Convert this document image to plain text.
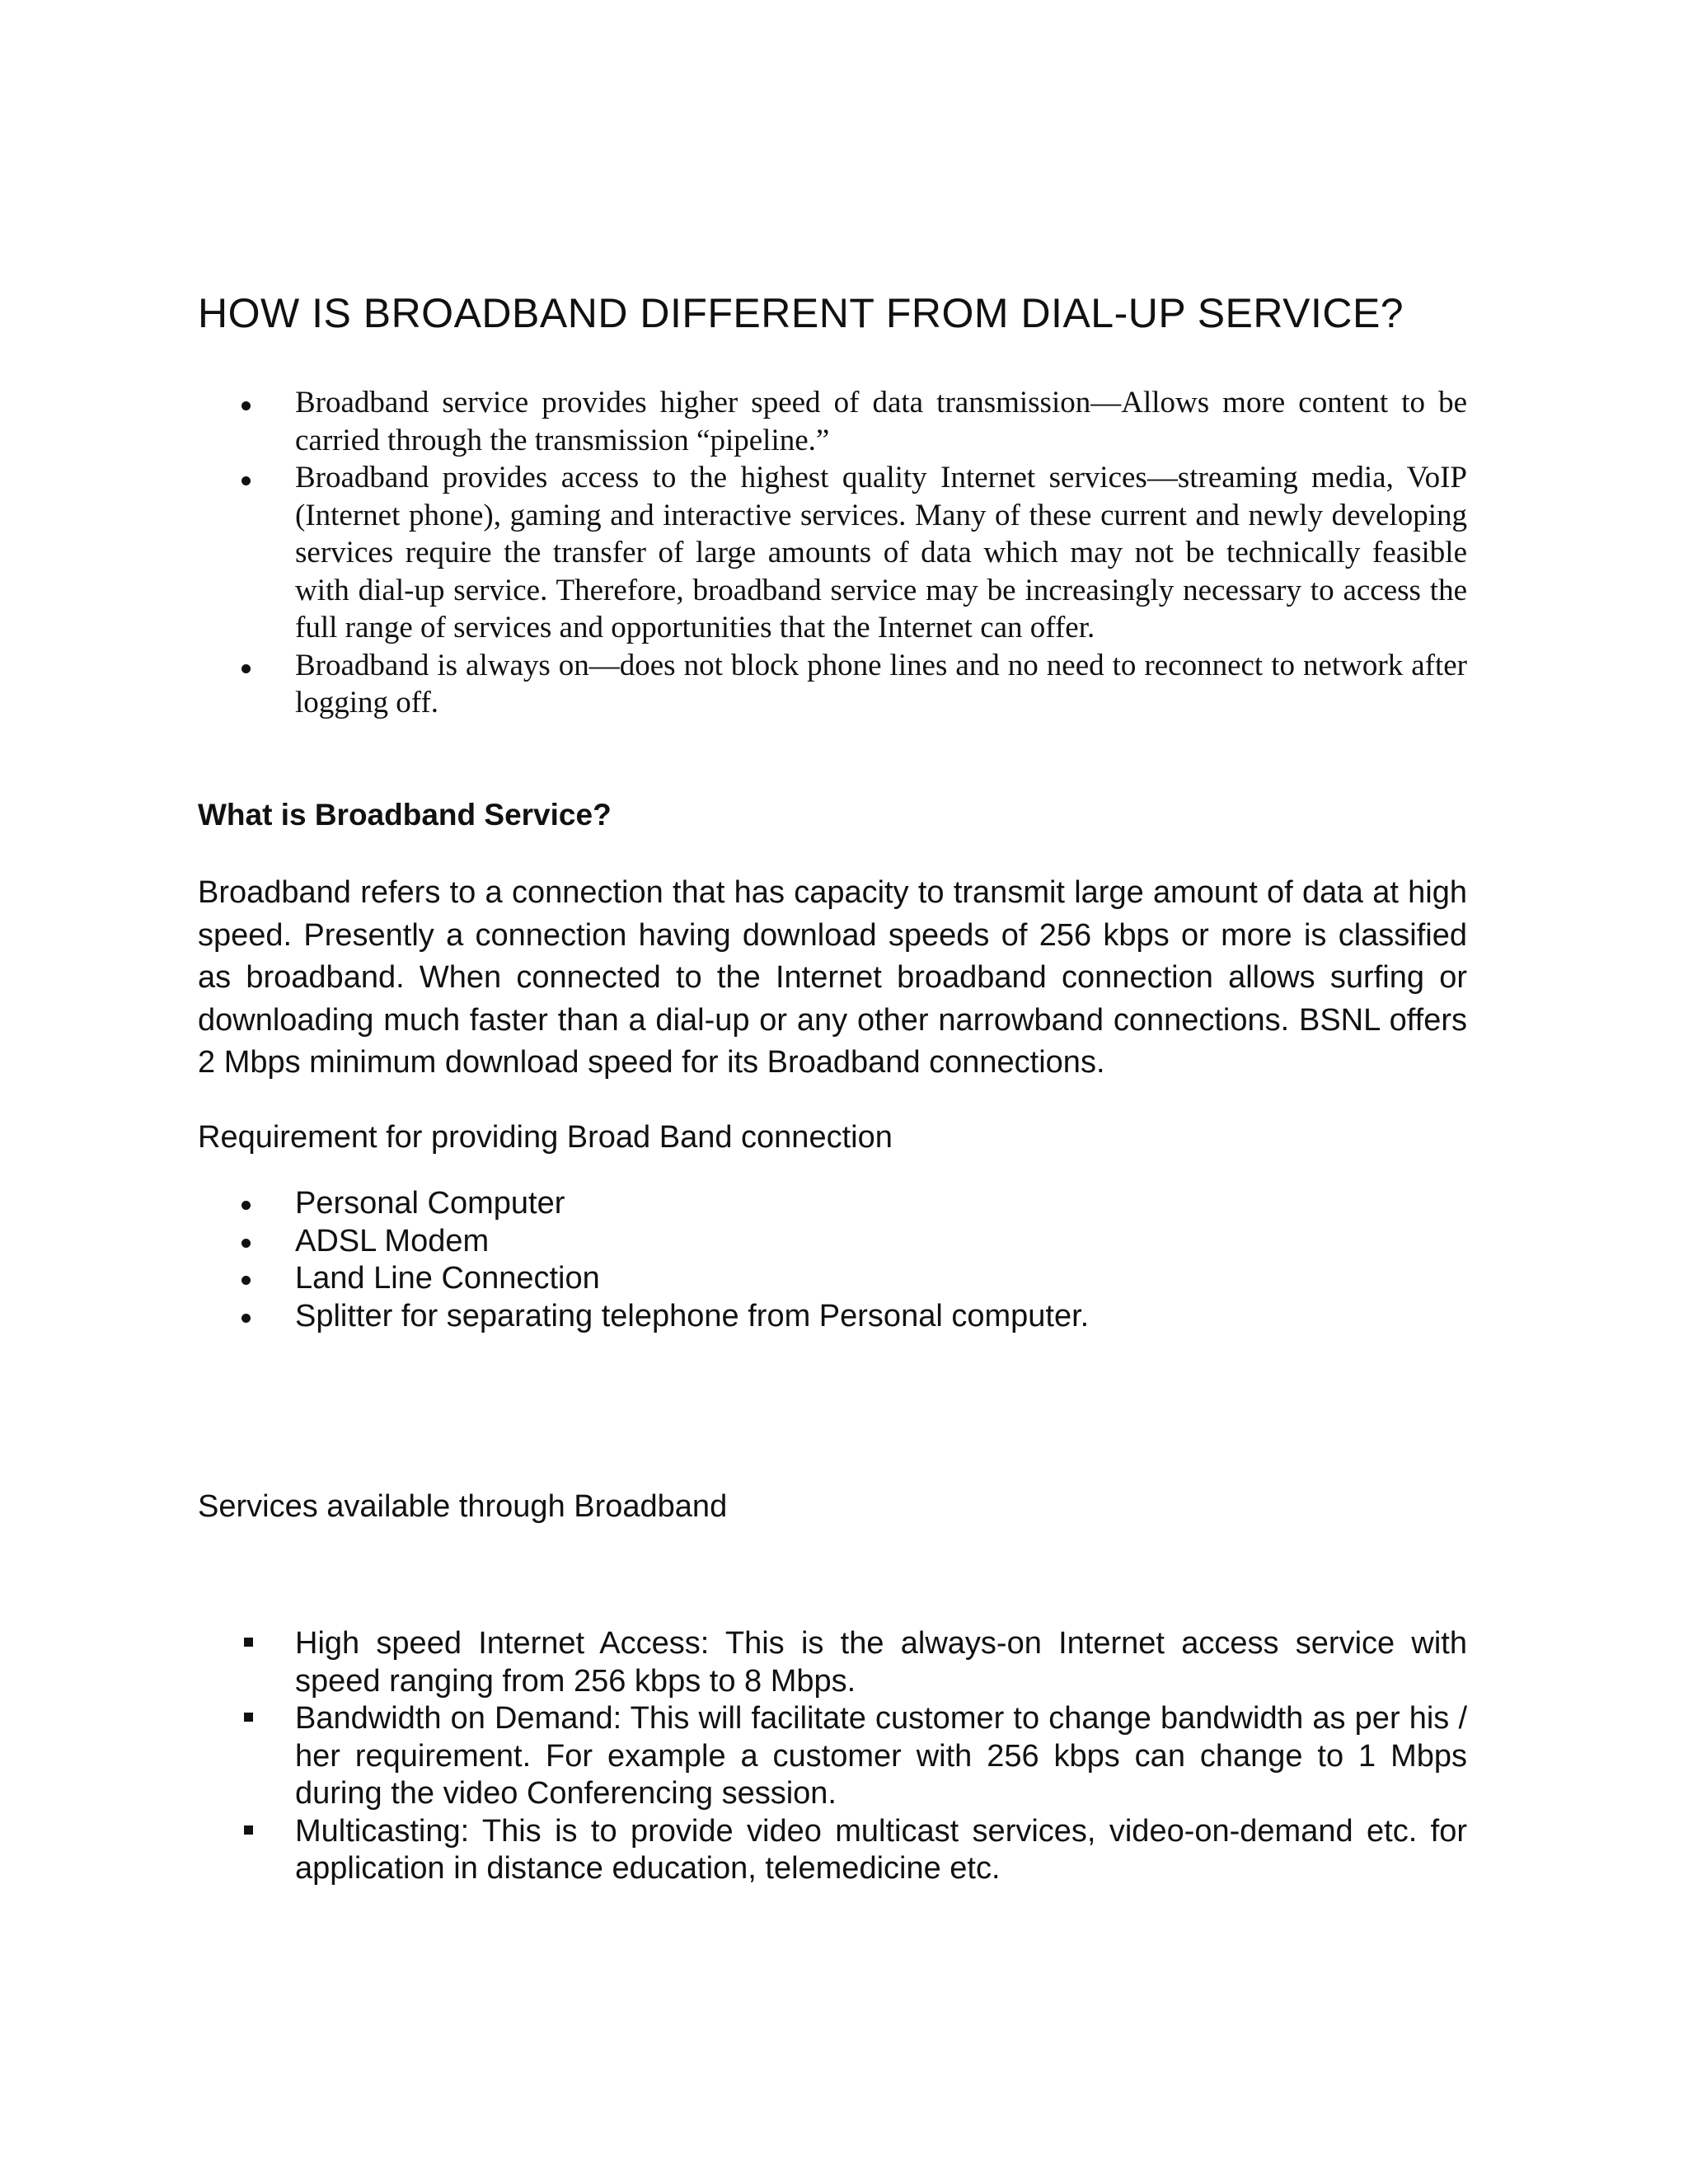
HOW IS BROADBAND DIFFERENT FROM DIAL-UP SERVICE?
Broadband service provides higher speed of data transmission—Allows more content to be carried through the transmission “pipeline.”
Broadband provides access to the highest quality Internet services—streaming media, VoIP (Internet phone), gaming and interactive services. Many of these current and newly developing services require the transfer of large amounts of data which may not be technically feasible with dial-up service. Therefore, broadband service may be increasingly necessary to access the full range of services and opportunities that the Internet can offer.
Broadband is always on—does not block phone lines and no need to reconnect to network after logging off.
What is Broadband Service?

Broadband refers to a connection that has capacity to transmit large amount of data at high speed. Presently a connection having download speeds of 256 kbps or more is classified as broadband. When connected to the Internet broadband connection allows surfing or downloading much faster than a dial-up or any other narrowband connections. BSNL offers 2 Mbps minimum download speed for its Broadband connections.

Requirement for providing Broad Band connection

Personal Computer
ADSL Modem
Land Line Connection
Splitter for separating telephone from Personal computer.

Services available through Broadband

High speed Internet Access: This is the always-on Internet access service with speed ranging from 256 kbps to 8 Mbps.
Bandwidth on Demand: This will facilitate customer to change bandwidth as per his / her requirement. For example a customer with 256 kbps can change to 1 Mbps during the video Conferencing session.
Multicasting: This is to provide video multicast services, video-on-demand etc. for application in distance education, telemedicine etc.
